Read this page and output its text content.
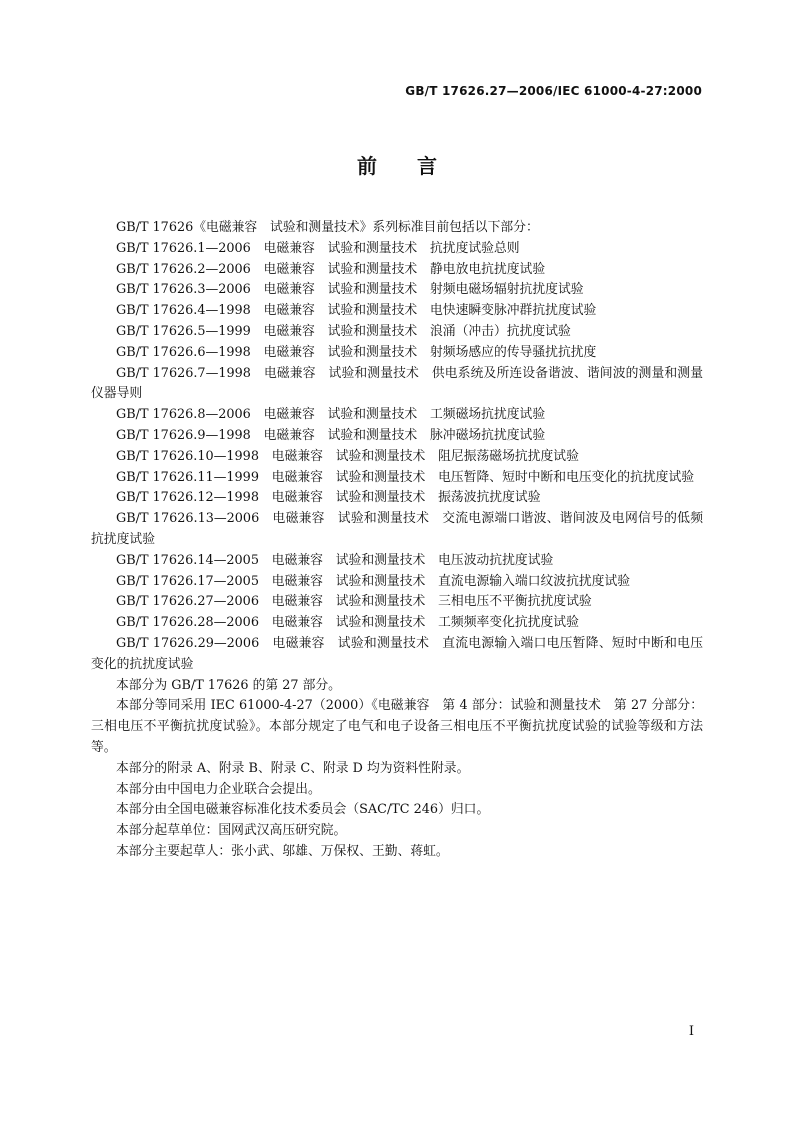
GB/T 17626.27—2006/IEC 61000-4-27:2000
前言

GB/T 17626《电磁兼容　试验和测量技术》系列标准目前包括以下部分：

GB/T 17626.1—2006　电磁兼容　试验和测量技术　抗扰度试验总则
GB/T 17626.2—2006　电磁兼容　试验和测量技术　静电放电抗扰度试验
GB/T 17626.3—2006　电磁兼容　试验和测量技术　射频电磁场辐射抗扰度试验
GB/T 17626.4—1998　电磁兼容　试验和测量技术　电快速瞬变脉冲群抗扰度试验
GB/T 17626.5—1999　电磁兼容　试验和测量技术　浪涌（冲击）抗扰度试验
GB/T 17626.6—1998　电磁兼容　试验和测量技术　射频场感应的传导骚扰抗扰度
GB/T 17626.7—1998　电磁兼容　试验和测量技术　供电系统及所连设备谐波、谐间波的测量和测量仪器导则
GB/T 17626.8—2006　电磁兼容　试验和测量技术　工频磁场抗扰度试验
GB/T 17626.9—1998　电磁兼容　试验和测量技术　脉冲磁场抗扰度试验
GB/T 17626.10—1998　电磁兼容　试验和测量技术　阻尼振荡磁场抗扰度试验
GB/T 17626.11—1999　电磁兼容　试验和测量技术　电压暂降、短时中断和电压变化的抗扰度试验
GB/T 17626.12—1998　电磁兼容　试验和测量技术　振荡波抗扰度试验
GB/T 17626.13—2006　电磁兼容　试验和测量技术　交流电源端口谐波、谐间波及电网信号的低频抗扰度试验
GB/T 17626.14—2005　电磁兼容　试验和测量技术　电压波动抗扰度试验
GB/T 17626.17—2005　电磁兼容　试验和测量技术　直流电源输入端口纹波抗扰度试验
GB/T 17626.27—2006　电磁兼容　试验和测量技术　三相电压不平衡抗扰度试验
GB/T 17626.28—2006　电磁兼容　试验和测量技术　工频频率变化抗扰度试验
GB/T 17626.29—2006　电磁兼容　试验和测量技术　直流电源输入端口电压暂降、短时中断和电压变化的抗扰度试验

本部分为 GB/T 17626 的第 27 部分。

本部分等同采用 IEC 61000-4-27（2000）《电磁兼容　第 4 部分：试验和测量技术　第 27 分部分：三相电压不平衡抗扰度试验》。本部分规定了电气和电子设备三相电压不平衡抗扰度试验的试验等级和方法等。

本部分的附录 A、附录 B、附录 C、附录 D 均为资料性附录。

本部分由中国电力企业联合会提出。

本部分由全国电磁兼容标准化技术委员会（SAC/TC 246）归口。

本部分起草单位：国网武汉高压研究院。

本部分主要起草人：张小武、邬雄、万保权、王勤、蒋虹。

I
